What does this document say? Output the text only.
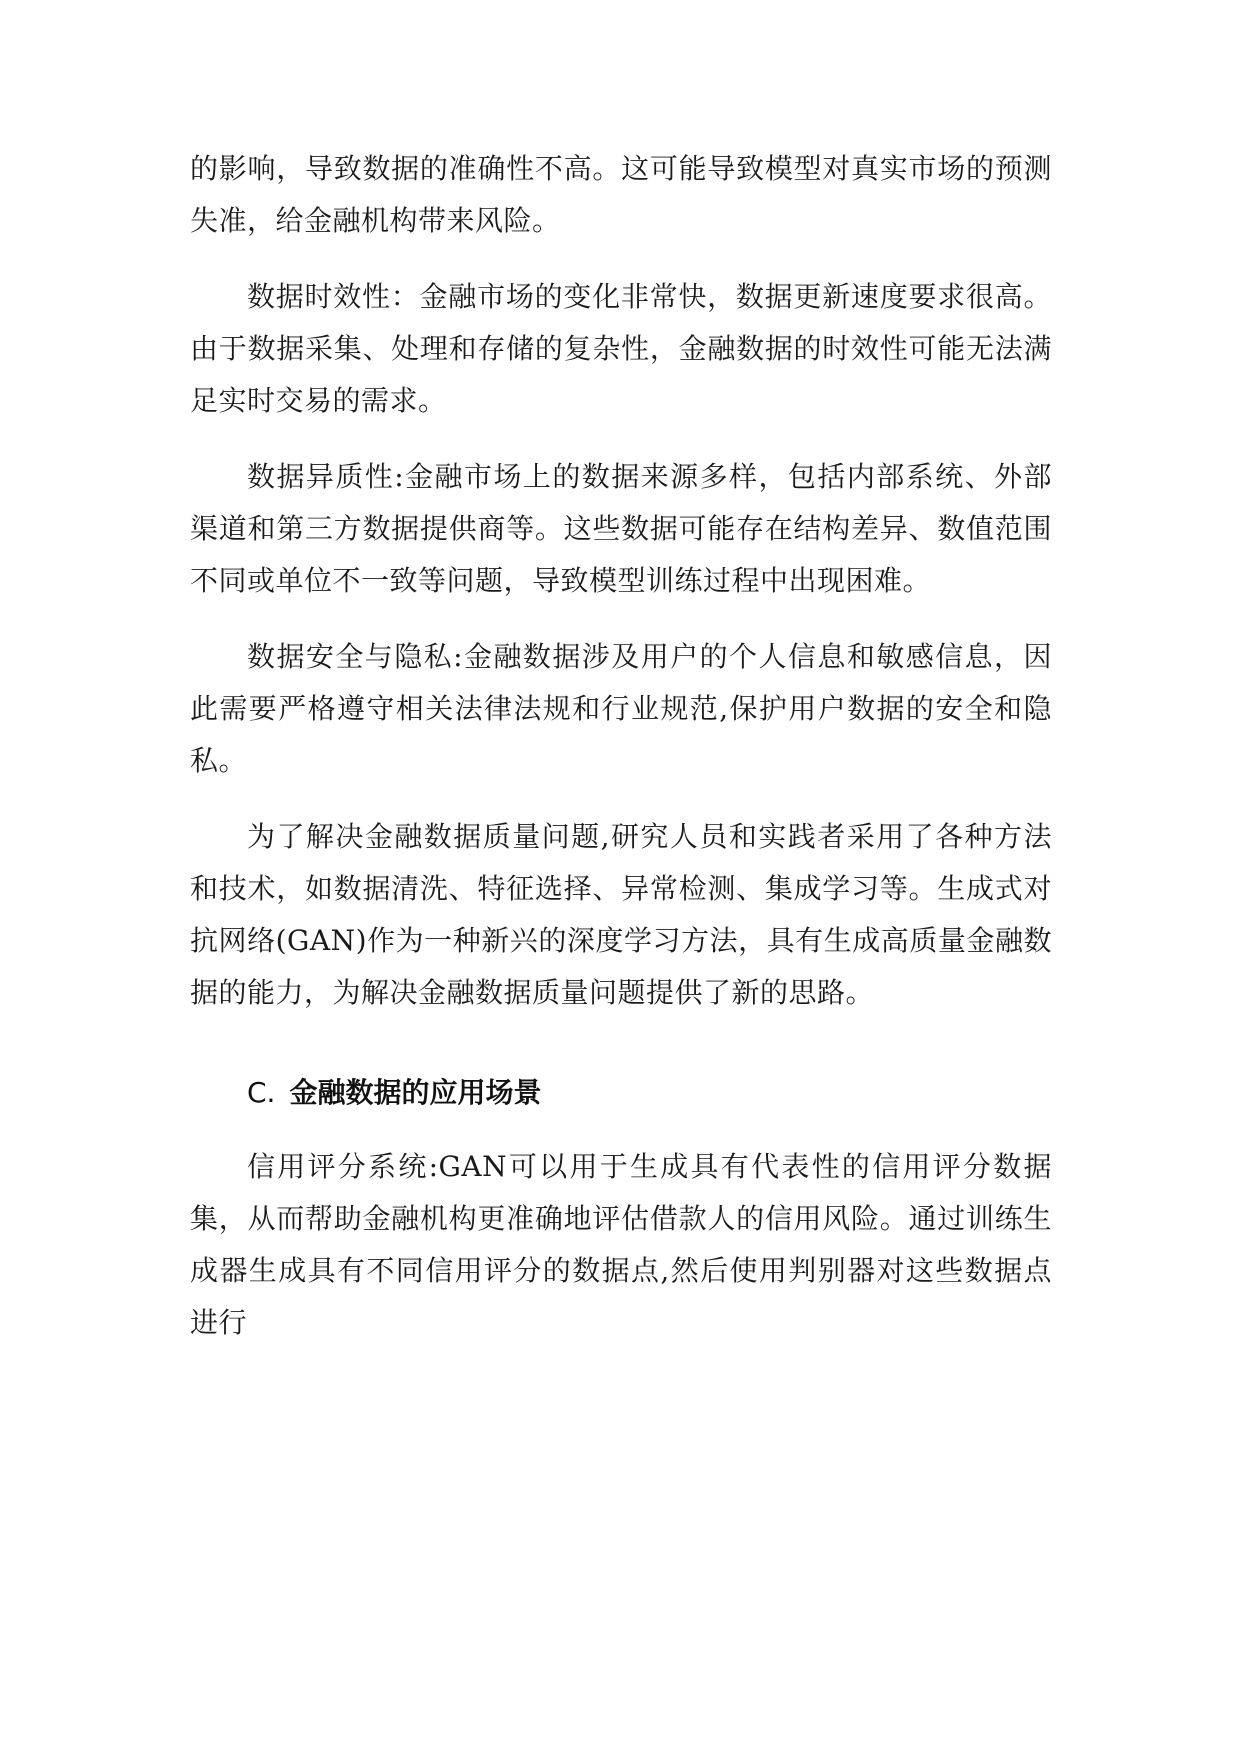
的影响，导致数据的准确性不高。这可能导致模型对真实市场的预测失准，给金融机构带来风险。

数据时效性：金融市场的变化非常快，数据更新速度要求很高。由于数据采集、处理和存储的复杂性，金融数据的时效性可能无法满足实时交易的需求。

数据异质性:金融市场上的数据来源多样，包括内部系统、外部渠道和第三方数据提供商等。这些数据可能存在结构差异、数值范围不同或单位不一致等问题，导致模型训练过程中出现困难。

数据安全与隐私:金融数据涉及用户的个人信息和敏感信息，因此需要严格遵守相关法律法规和行业规范,保护用户数据的安全和隐私。

为了解决金融数据质量问题,研究人员和实践者采用了各种方法和技术，如数据清洗、特征选择、异常检测、集成学习等。生成式对抗网络(GAN)作为一种新兴的深度学习方法，具有生成高质量金融数据的能力，为解决金融数据质量问题提供了新的思路。

C. 金融数据的应用场景

信用评分系统:GAN可以用于生成具有代表性的信用评分数据集，从而帮助金融机构更准确地评估借款人的信用风险。通过训练生成器生成具有不同信用评分的数据点,然后使用判别器对这些数据点进行
